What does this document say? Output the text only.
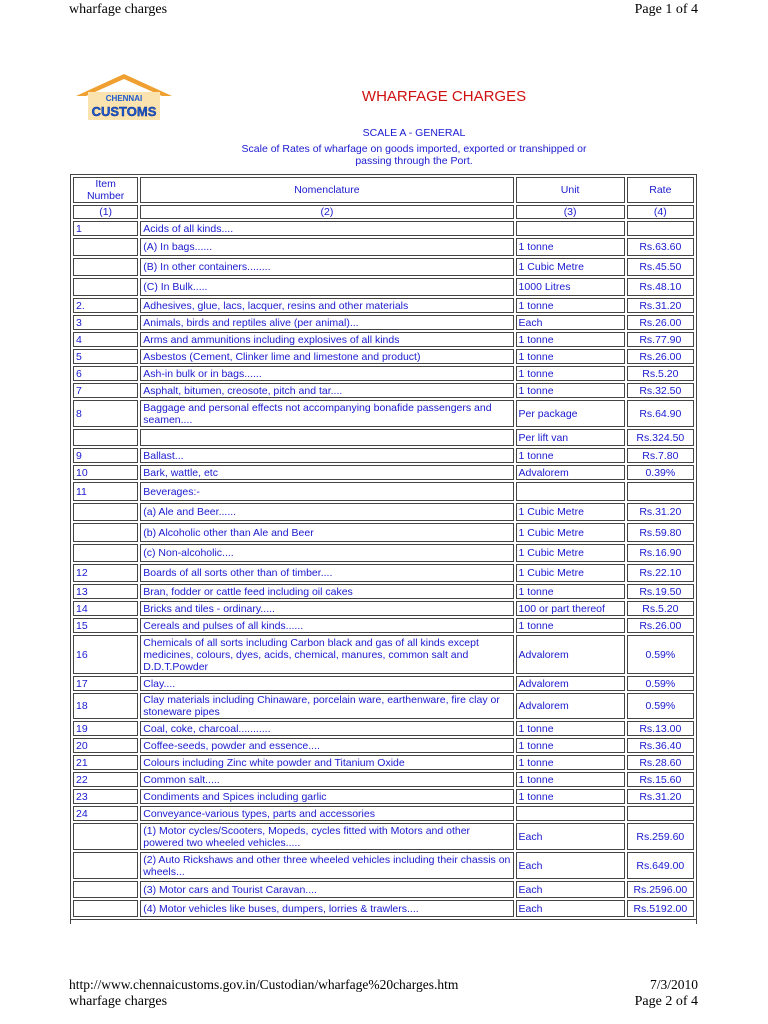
wharfage charges	Page 1 of 4
CHENNAI
CUSTOMS
WHARFAGE CHARGES
SCALE A - GENERAL
Scale of Rates of wharfage on goods imported, exported or transhipped or
passing through the Port.
Item Number	Nomenclature	Unit	Rate
(1)	(2)	(3)	(4)
1	Acids of all kinds....		
	(A) In bags......	1 tonne	Rs.63.60
	(B) In other containers........	1 Cubic Metre	Rs.45.50
	(C) In Bulk.....	1000 Litres	Rs.48.10
2.	Adhesives, glue, lacs, lacquer, resins and other materials	1 tonne	Rs.31.20
3	Animals, birds and reptiles alive (per animal)...	Each	Rs.26.00
4	Arms and ammunitions including explosives of all kinds	1 tonne	Rs.77.90
5	Asbestos (Cement, Clinker lime and limestone and product)	1 tonne	Rs.26.00
6	Ash-in bulk or in bags......	1 tonne	Rs.5.20
7	Asphalt, bitumen, creosote, pitch and tar....	1 tonne	Rs.32.50
8	Baggage and personal effects not accompanying bonafide passengers and seamen....	Per package	Rs.64.90
		Per lift van	Rs.324.50
9	Ballast...	1 tonne	Rs.7.80
10	Bark, wattle, etc	Advalorem	0.39%
11	Beverages:-		
	(a) Ale and Beer......	1 Cubic Metre	Rs.31.20
	(b) Alcoholic other than Ale and Beer	1 Cubic Metre	Rs.59.80
	(c) Non-alcoholic....	1 Cubic Metre	Rs.16.90
12	Boards of all sorts other than of timber....	1 Cubic Metre	Rs.22.10
13	Bran, fodder or cattle feed including oil cakes	1 tonne	Rs.19.50
14	Bricks and tiles - ordinary.....	100 or part thereof	Rs.5.20
15	Cereals and pulses of all kinds......	1 tonne	Rs.26.00
16	Chemicals of all sorts including Carbon black and gas of all kinds except medicines, colours, dyes, acids, chemical, manures, common salt and D.D.T.Powder	Advalorem	0.59%
17	Clay....	Advalorem	0.59%
18	Clay materials including Chinaware, porcelain ware, earthenware, fire clay or stoneware pipes	Advalorem	0.59%
19	Coal, coke, charcoal...........	1 tonne	Rs.13.00
20	Coffee-seeds, powder and essence....	1 tonne	Rs.36.40
21	Colours including Zinc white powder and Titanium Oxide	1 tonne	Rs.28.60
22	Common salt.....	1 tonne	Rs.15.60
23	Condiments and Spices including garlic	1 tonne	Rs.31.20
24	Conveyance-various types, parts and accessories		
	(1) Motor cycles/Scooters, Mopeds, cycles fitted with Motors and other powered two wheeled vehicles.....	Each	Rs.259.60
	(2) Auto Rickshaws and other three wheeled vehicles including their chassis on wheels...	Each	Rs.649.00
	(3) Motor cars and Tourist Caravan....	Each	Rs.2596.00
	(4) Motor vehicles like buses, dumpers, lorries & trawlers....	Each	Rs.5192.00
http://www.chennaicustoms.gov.in/Custodian/wharfage%20charges.htm	7/3/2010
wharfage charges	Page 2 of 4
